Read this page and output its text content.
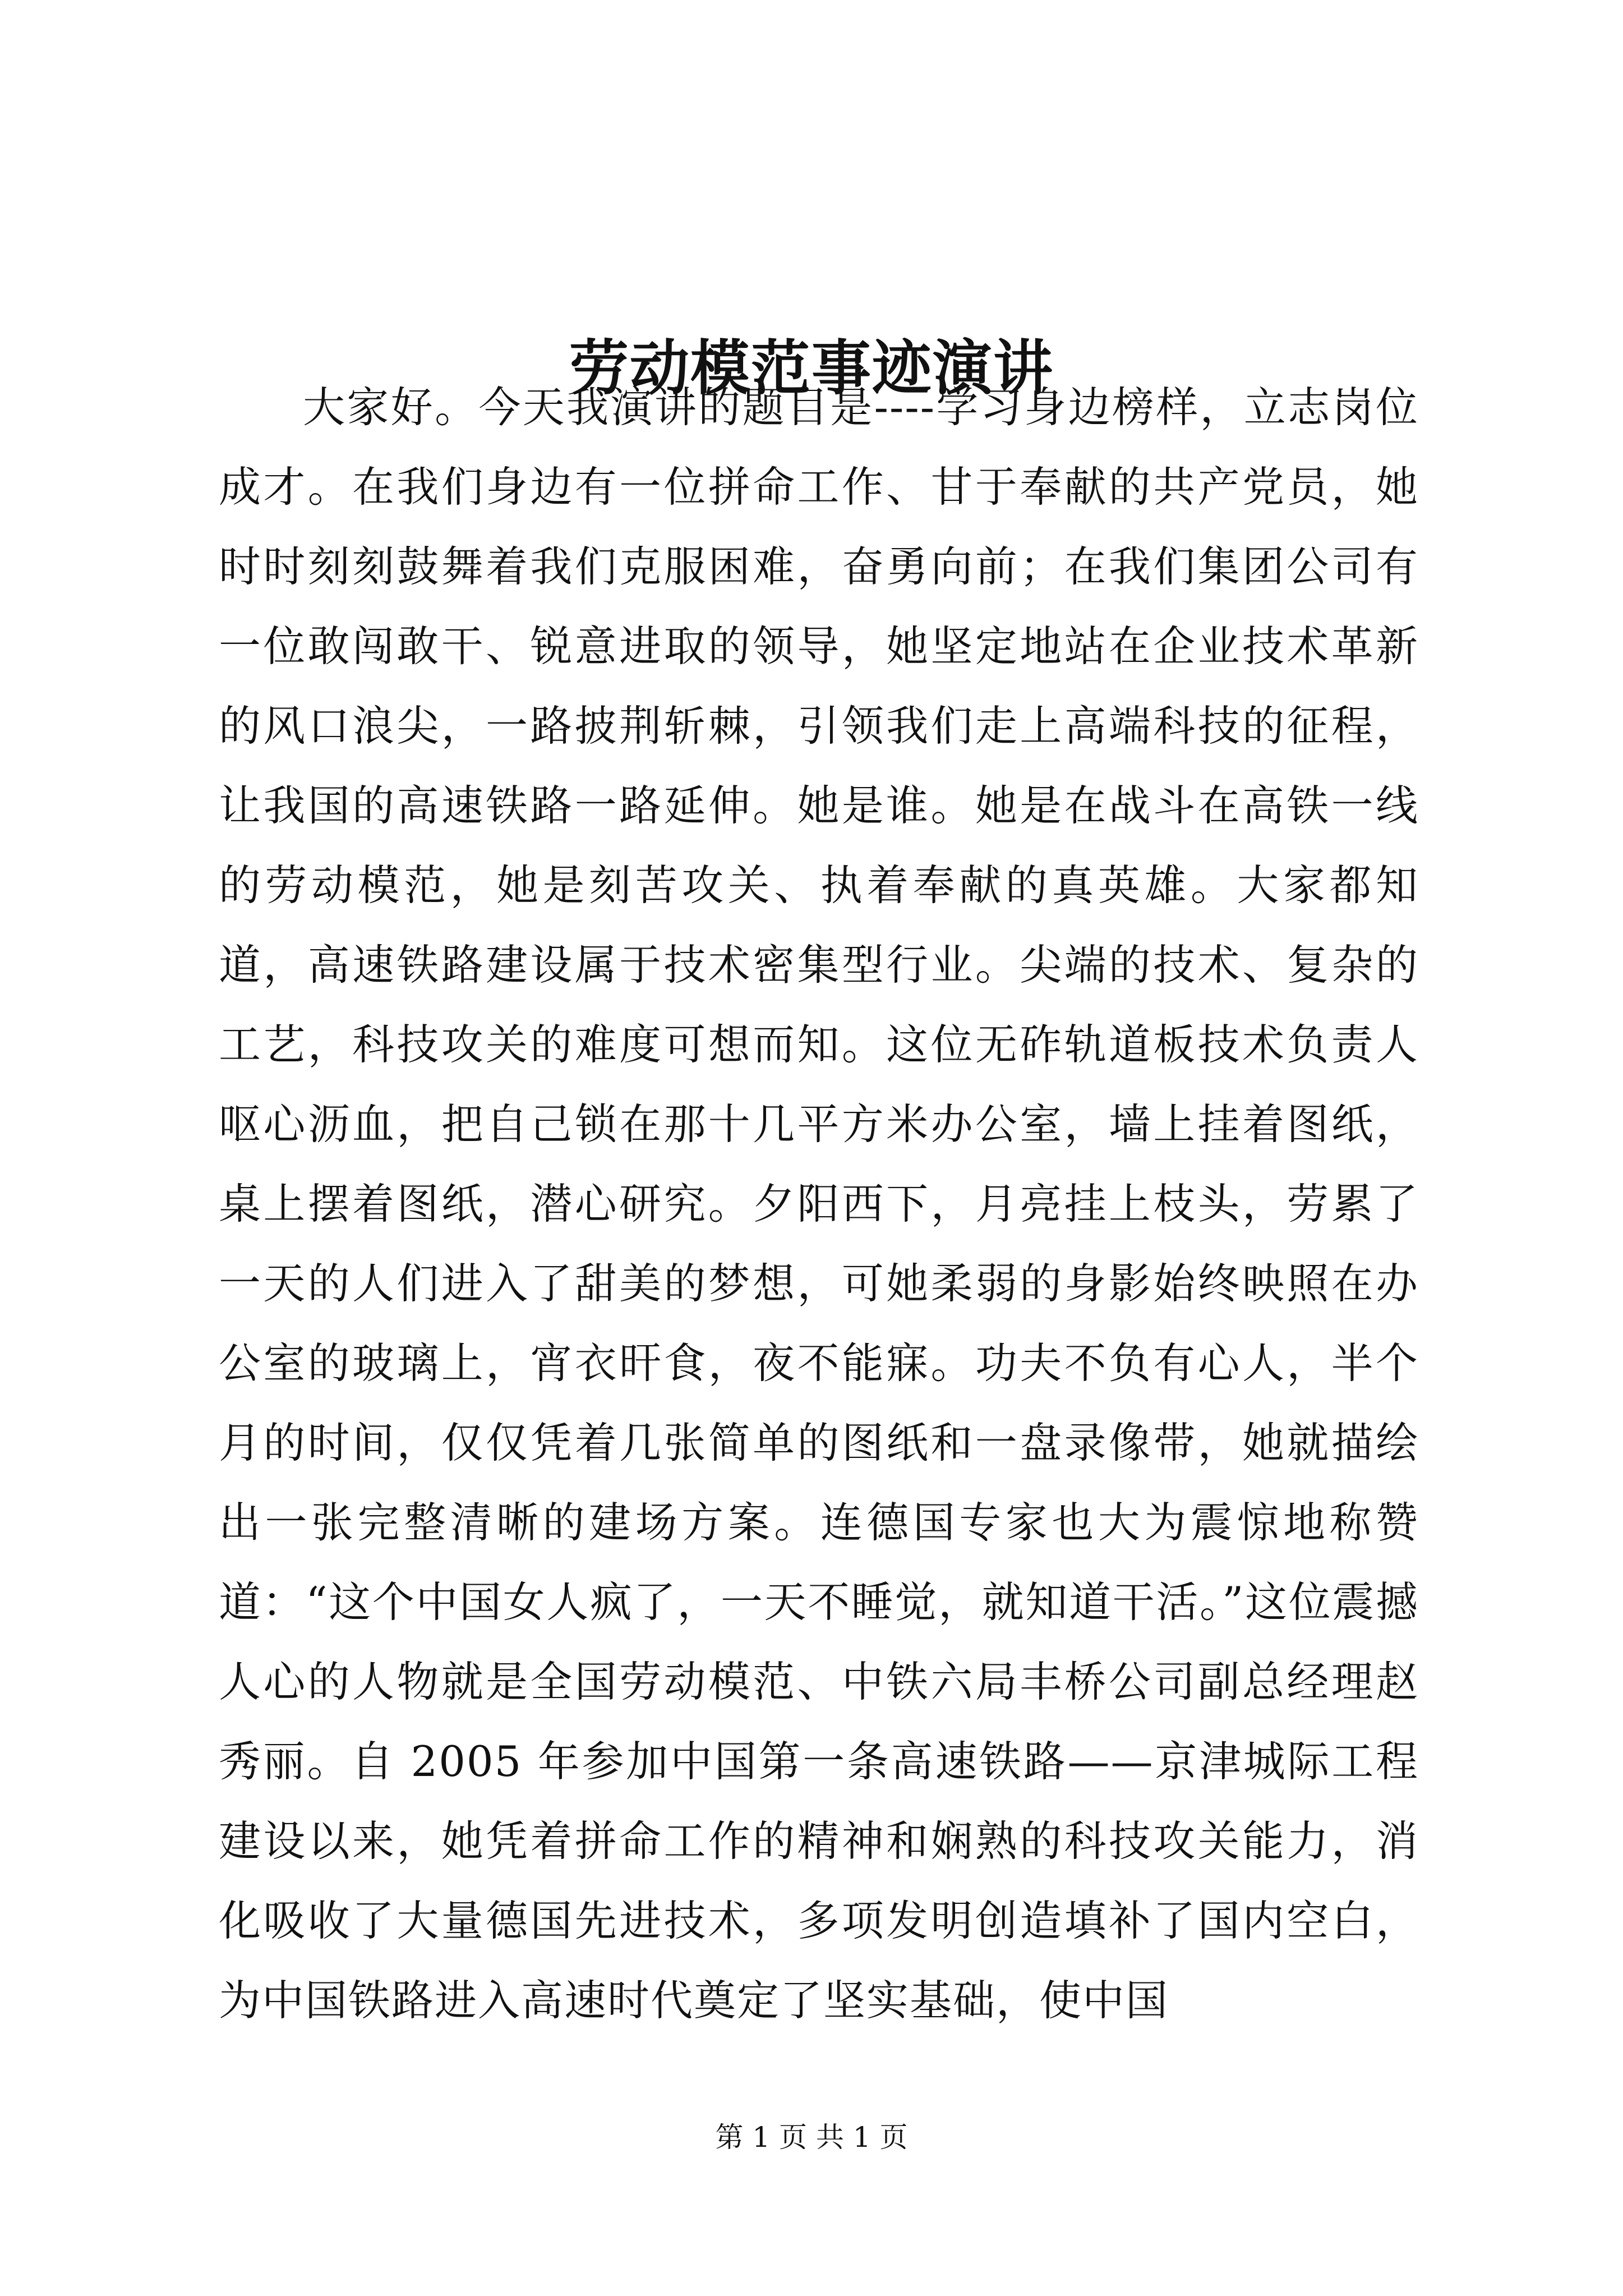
劳动模范事迹演讲

大家好。今天我演讲的题目是----学习身边榜样，立志岗位成才。在我们身边有一位拼命工作、甘于奉献的共产党员，她时时刻刻鼓舞着我们克服困难，奋勇向前；在我们集团公司有一位敢闯敢干、锐意进取的领导，她坚定地站在企业技术革新的风口浪尖，一路披荆斩棘，引领我们走上高端科技的征程，让我国的高速铁路一路延伸。她是谁。她是在战斗在高铁一线的劳动模范，她是刻苦攻关、执着奉献的真英雄。大家都知道，高速铁路建设属于技术密集型行业。尖端的技术、复杂的工艺，科技攻关的难度可想而知。这位无砟轨道板技术负责人呕心沥血，把自己锁在那十几平方米办公室，墙上挂着图纸，桌上摆着图纸，潜心研究。夕阳西下，月亮挂上枝头，劳累了一天的人们进入了甜美的梦想，可她柔弱的身影始终映照在办公室的玻璃上，宵衣旰食，夜不能寐。功夫不负有心人，半个月的时间，仅仅凭着几张简单的图纸和一盘录像带，她就描绘出一张完整清晰的建场方案。连德国专家也大为震惊地称赞道：“这个中国女人疯了，一天不睡觉，就知道干活。”这位震撼人心的人物就是全国劳动模范、中铁六局丰桥公司副总经理赵秀丽。自 2005 年参加中国第一条高速铁路——京津城际工程建设以来，她凭着拼命工作的精神和娴熟的科技攻关能力，消化吸收了大量德国先进技术，多项发明创造填补了国内空白，为中国铁路进入高速时代奠定了坚实基础，使中国

第 1 页 共 1 页
